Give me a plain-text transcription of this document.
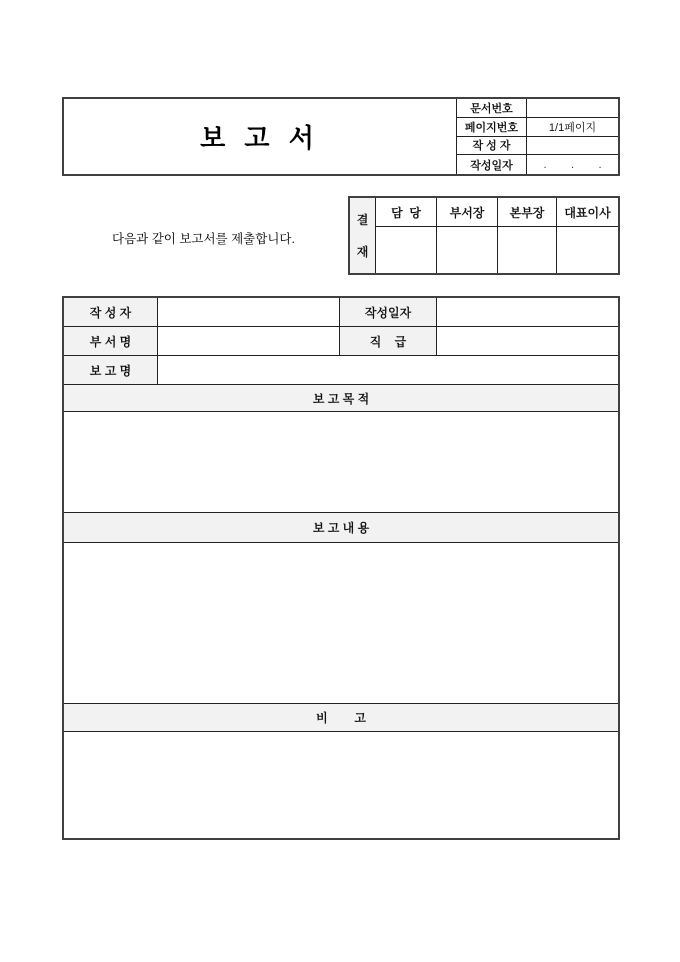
보 고 서
문서번호
페이지번호	1/1페이지
작 성 자
작성일자	.        .        .
다음과 같이 보고서를 제출합니다.
결
재
담  당	부서장	본부장	대표이사
작 성 자	작성일자
부 서 명	직    급
보 고 명
보 고 목 적
보 고 내 용
비        고
